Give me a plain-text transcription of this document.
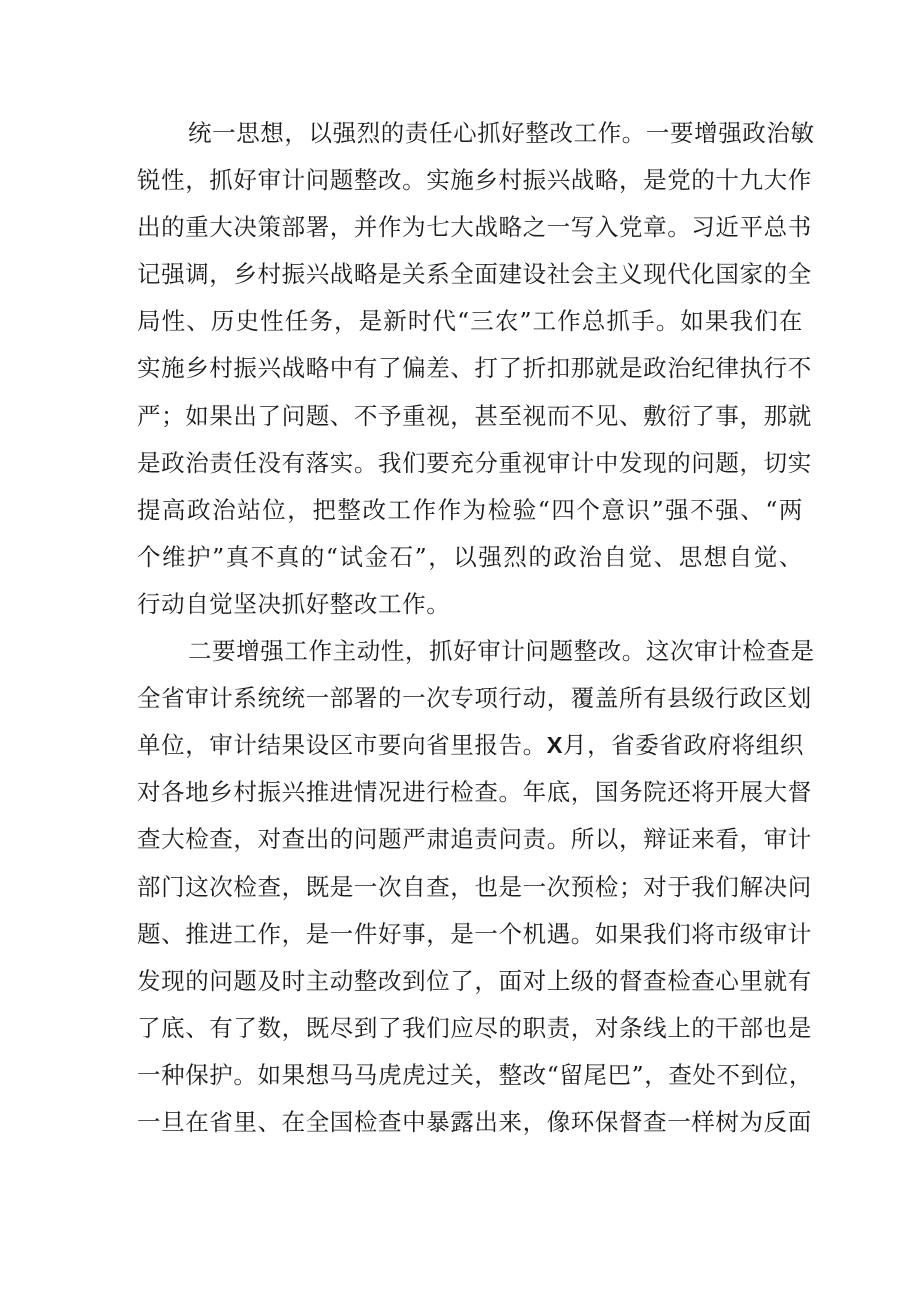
统一思想，以强烈的责任心抓好整改工作。一要增强政治敏
锐性，抓好审计问题整改。实施乡村振兴战略，是党的十九大作
出的重大决策部署，并作为七大战略之一写入党章。习近平总书
记强调，乡村振兴战略是关系全面建设社会主义现代化国家的全
局性、历史性任务，是新时代“三农”工作总抓手。如果我们在
实施乡村振兴战略中有了偏差、打了折扣那就是政治纪律执行不
严；如果出了问题、不予重视，甚至视而不见、敷衍了事，那就
是政治责任没有落实。我们要充分重视审计中发现的问题，切实
提高政治站位，把整改工作作为检验“四个意识”强不强、“两
个维护”真不真的“试金石”，以强烈的政治自觉、思想自觉、
行动自觉坚决抓好整改工作。
二要增强工作主动性，抓好审计问题整改。这次审计检查是
全省审计系统统一部署的一次专项行动，覆盖所有县级行政区划
单位，审计结果设区市要向省里报告。X月，省委省政府将组织
对各地乡村振兴推进情况进行检查。年底，国务院还将开展大督
查大检查，对查出的问题严肃追责问责。所以，辩证来看，审计
部门这次检查，既是一次自查，也是一次预检；对于我们解决问
题、推进工作，是一件好事，是一个机遇。如果我们将市级审计
发现的问题及时主动整改到位了，面对上级的督查检查心里就有
了底、有了数，既尽到了我们应尽的职责，对条线上的干部也是
一种保护。如果想马马虎虎过关，整改“留尾巴”，查处不到位，
一旦在省里、在全国检查中暴露出来，像环保督查一样树为反面
